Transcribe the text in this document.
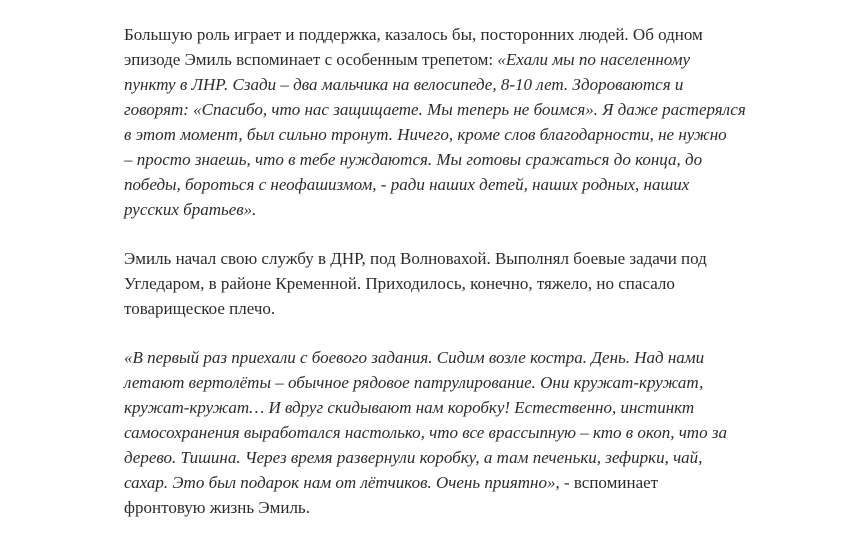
Большую роль играет и поддержка, казалось бы, посторонних людей. Об одном
эпизоде Эмиль вспоминает с особенным трепетом: «Ехали мы по населенному
пункту в ЛНР. Сзади – два мальчика на велосипеде, 8-10 лет. Здороваются и
говорят: «Спасибо, что нас защищаете. Мы теперь не боимся». Я даже растерялся
в этот момент, был сильно тронут. Ничего, кроме слов благодарности, не нужно
– просто знаешь, что в тебе нуждаются. Мы готовы сражаться до конца, до
победы, бороться с неофашизмом, - ради наших детей, наших родных, наших
русских братьев».

Эмиль начал свою службу в ДНР, под Волновахой. Выполнял боевые задачи под
Угледаром, в районе Кременной. Приходилось, конечно, тяжело, но спасало
товарищеское плечо.

«В первый раз приехали с боевого задания. Сидим возле костра. День. Над нами
летают вертолёты – обычное рядовое патрулирование. Они кружат-кружат,
кружат-кружат… И вдруг скидывают нам коробку! Естественно, инстинкт
самосохранения выработался настолько, что все врассыпную – кто в окоп, что за
дерево. Тишина. Через время развернули коробку, а там печеньки, зефирки, чай,
сахар. Это был подарок нам от лётчиков. Очень приятно», - вспоминает
фронтовую жизнь Эмиль.
